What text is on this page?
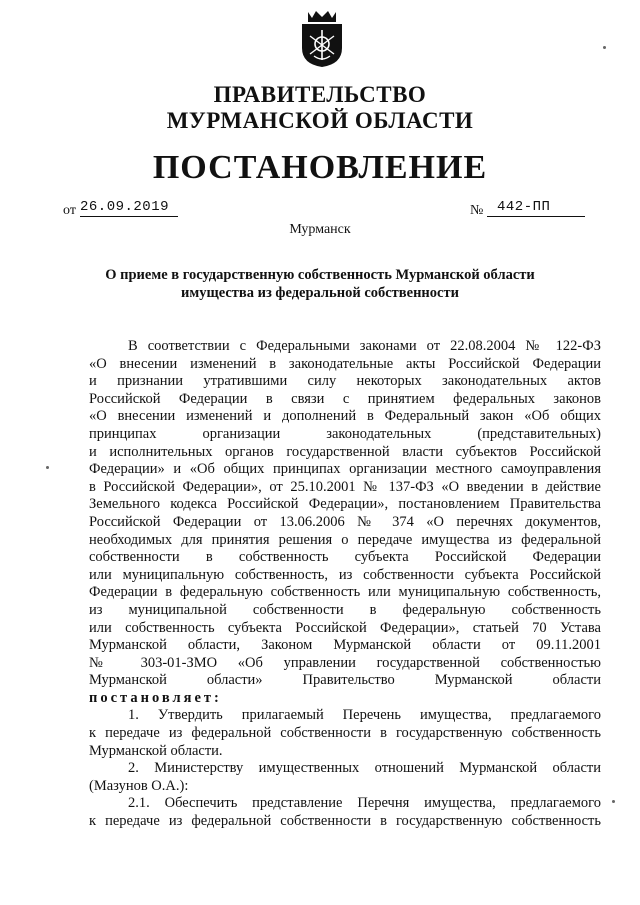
ПРАВИТЕЛЬСТВО
МУРМАНСКОЙ ОБЛАСТИ
ПОСТАНОВЛЕНИЕ
от 26.09.2019	№ 442-ПП
Мурманск
О приеме в государственную собственность Мурманской области
имущества из федеральной собственности

В соответствии с Федеральными законами от 22.08.2004 № 122-ФЗ

«О внесении изменений в законодательные акты Российской Федерации

и признании утратившими силу некоторых законодательных актов

Российской Федерации в связи с принятием федеральных законов

«О внесении изменений и дополнений в Федеральный закон «Об общих

принципах организации законодательных (представительных)

и исполнительных органов государственной власти субъектов Российской

Федерации» и «Об общих принципах организации местного самоуправления

в Российской Федерации», от 25.10.2001 № 137-ФЗ «О введении в действие

Земельного кодекса Российской Федерации», постановлением Правительства

Российской Федерации от 13.06.2006 № 374 «О перечнях документов,

необходимых для принятия решения о передаче имущества из федеральной

собственности в собственность субъекта Российской Федерации

или муниципальную собственность, из собственности субъекта Российской

Федерации в федеральную собственность или муниципальную собственность,

из муниципальной собственности в федеральную собственность

или собственность субъекта Российской Федерации», статьей 70 Устава

Мурманской области, Законом Мурманской области от 09.11.2001

№ 303-01-ЗМО «Об управлении государственной собственностью

Мурманской области» Правительство Мурманской области

постановляет:

1. Утвердить прилагаемый Перечень имущества, предлагаемого

к передаче из федеральной собственности в государственную собственность

Мурманской области.

2. Министерству имущественных отношений Мурманской области

(Мазунов О.А.):

2.1. Обеспечить представление Перечня имущества, предлагаемого

к передаче из федеральной собственности в государственную собственность
